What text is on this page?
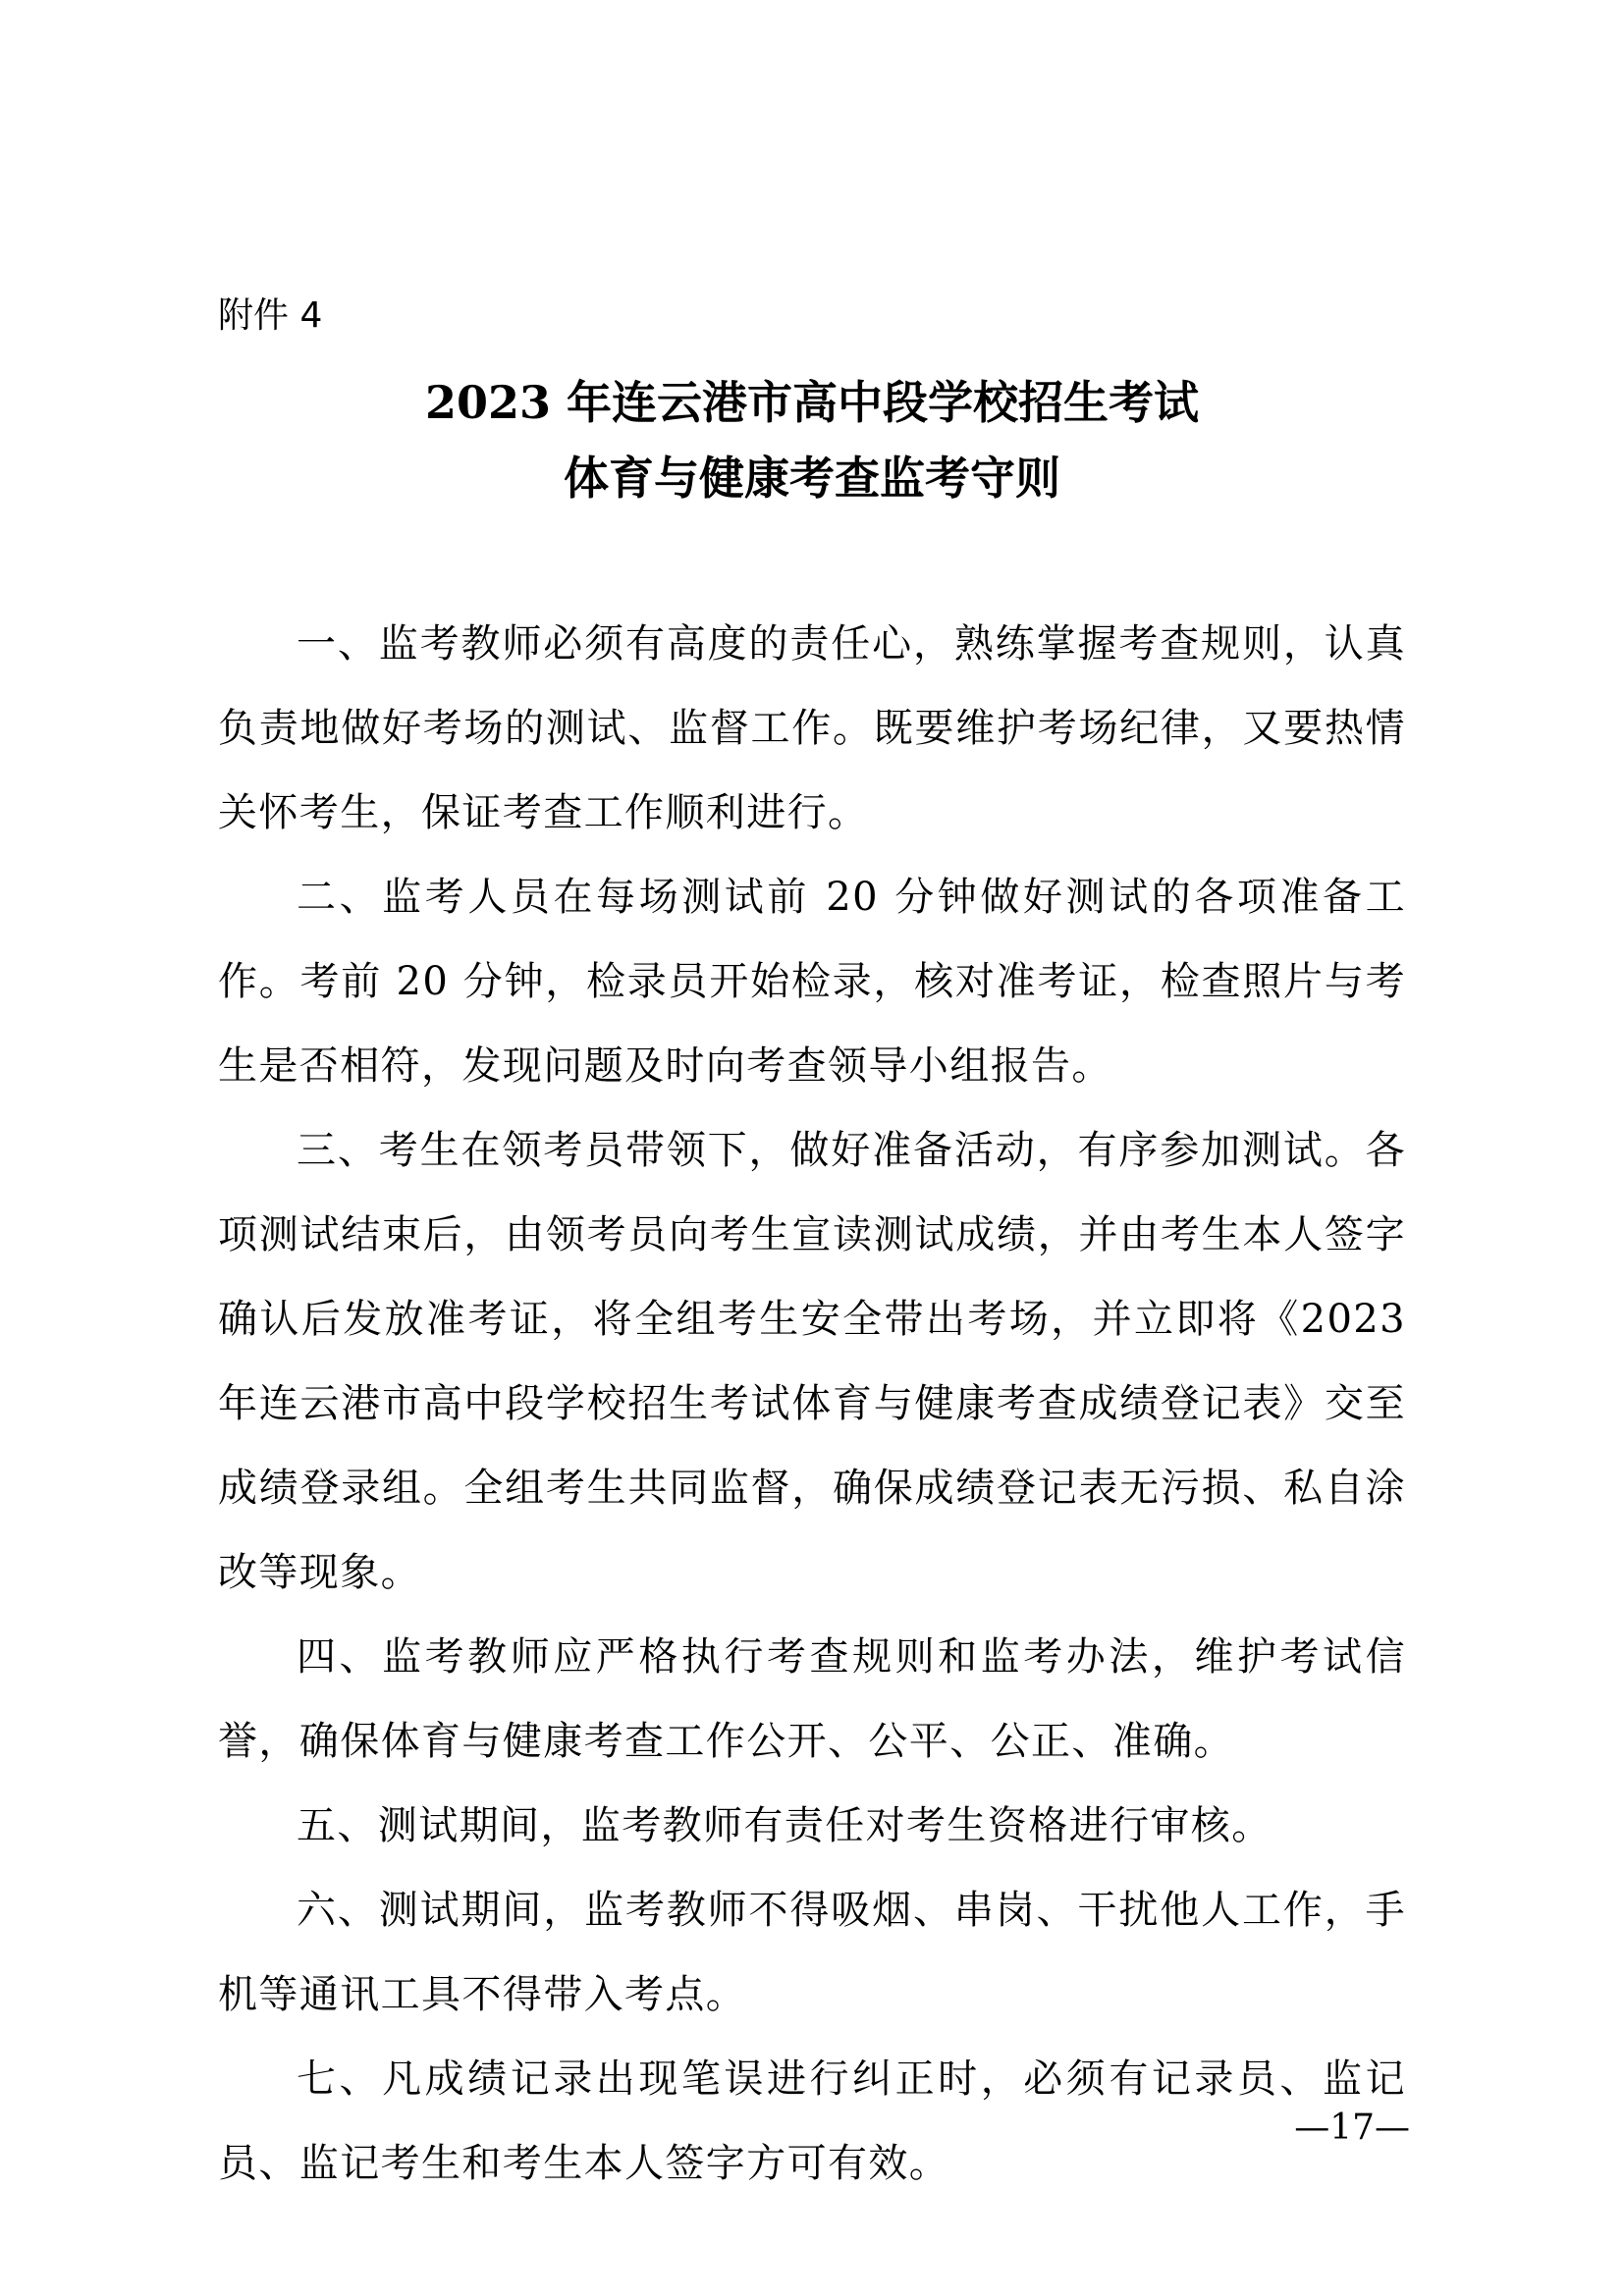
附件 4
2023 年连云港市高中段学校招生考试
体育与健康考查监考守则

一、监考教师必须有高度的责任心，熟练掌握考查规则，认真负责地做好考场的测试、监督工作。既要维护考场纪律，又要热情关怀考生，保证考查工作顺利进行。

二、监考人员在每场测试前 20 分钟做好测试的各项准备工作。考前 20 分钟，检录员开始检录，核对准考证，检查照片与考生是否相符，发现问题及时向考查领导小组报告。

三、考生在领考员带领下，做好准备活动，有序参加测试。各项测试结束后，由领考员向考生宣读测试成绩，并由考生本人签字确认后发放准考证，将全组考生安全带出考场，并立即将《2023 年连云港市高中段学校招生考试体育与健康考查成绩登记表》交至成绩登录组。全组考生共同监督，确保成绩登记表无污损、私自涂改等现象。

四、监考教师应严格执行考查规则和监考办法，维护考试信誉，确保体育与健康考查工作公开、公平、公正、准确。

五、测试期间，监考教师有责任对考生资格进行审核。

六、测试期间，监考教师不得吸烟、串岗、干扰他人工作，手机等通讯工具不得带入考点。

七、凡成绩记录出现笔误进行纠正时，必须有记录员、监记员、监记考生和考生本人签字方可有效。

—17—
